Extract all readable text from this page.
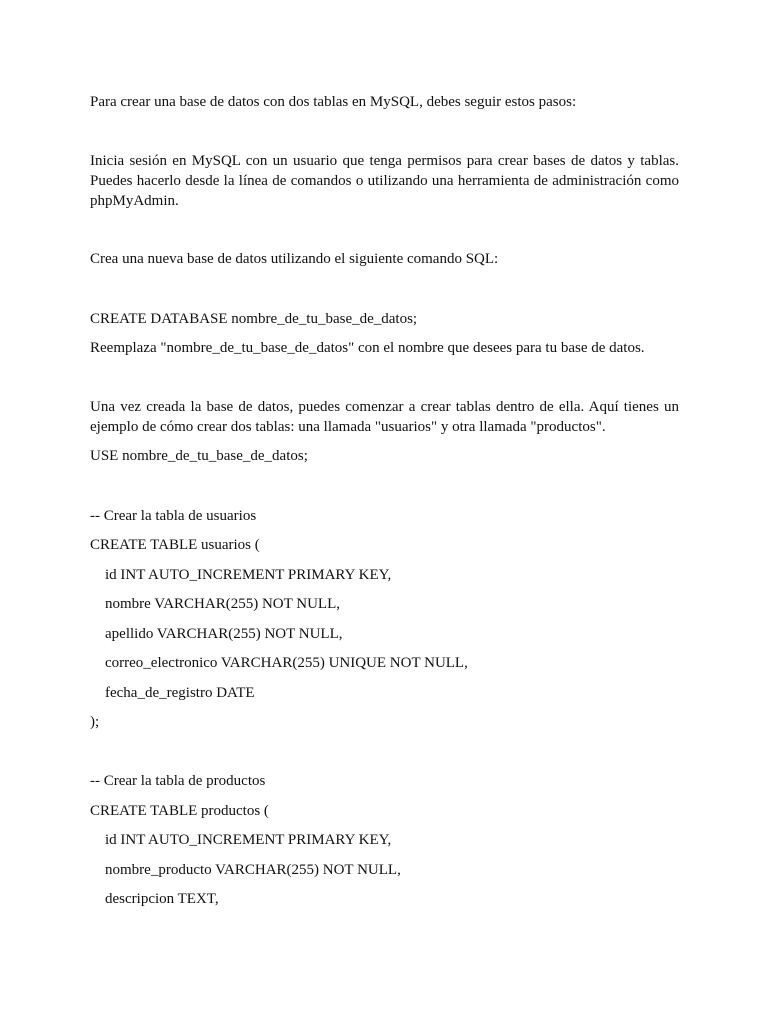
Para crear una base de datos con dos tablas en MySQL, debes seguir estos pasos:
Inicia sesión en MySQL con un usuario que tenga permisos para crear bases de datos y tablas. Puedes hacerlo desde la línea de comandos o utilizando una herramienta de administración como phpMyAdmin.
Crea una nueva base de datos utilizando el siguiente comando SQL:
CREATE DATABASE nombre_de_tu_base_de_datos;
Reemplaza "nombre_de_tu_base_de_datos" con el nombre que desees para tu base de datos.
Una vez creada la base de datos, puedes comenzar a crear tablas dentro de ella. Aquí tienes un ejemplo de cómo crear dos tablas: una llamada "usuarios" y otra llamada "productos".
USE nombre_de_tu_base_de_datos;
-- Crear la tabla de usuarios
CREATE TABLE usuarios (
id INT AUTO_INCREMENT PRIMARY KEY,
nombre VARCHAR(255) NOT NULL,
apellido VARCHAR(255) NOT NULL,
correo_electronico VARCHAR(255) UNIQUE NOT NULL,
fecha_de_registro DATE
);
-- Crear la tabla de productos
CREATE TABLE productos (
id INT AUTO_INCREMENT PRIMARY KEY,
nombre_producto VARCHAR(255) NOT NULL,
descripcion TEXT,
